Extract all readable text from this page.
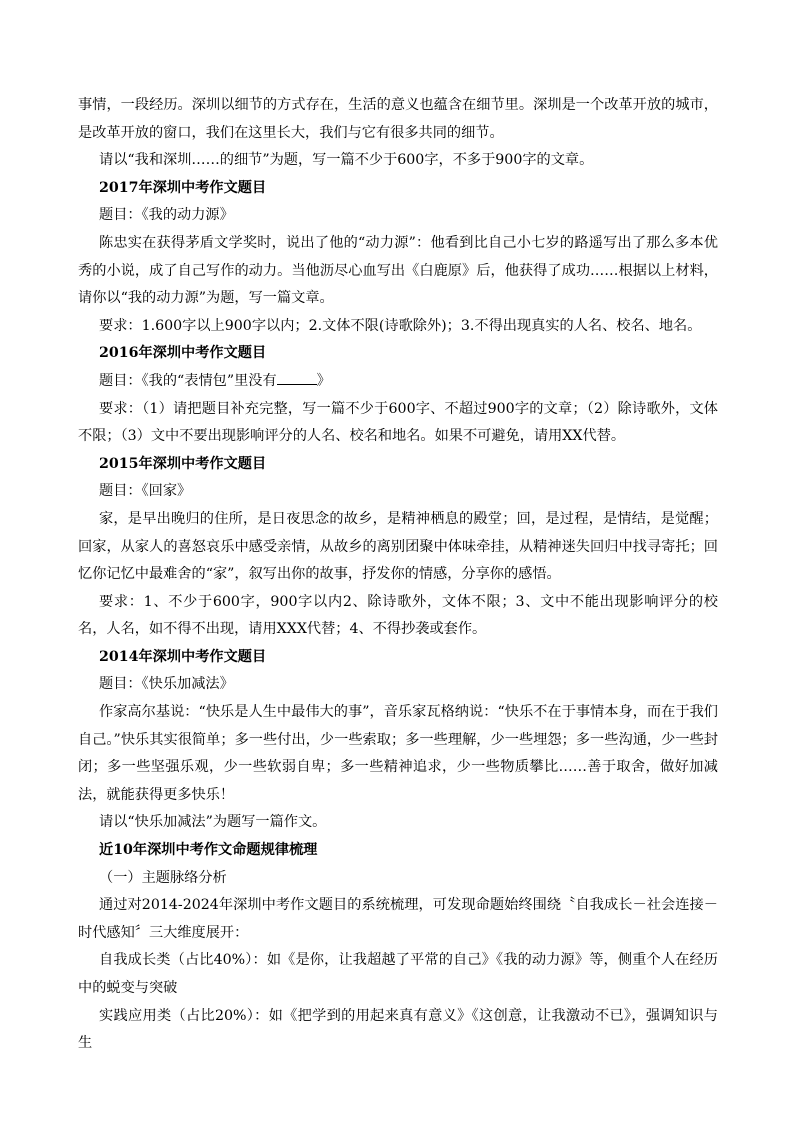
事情，一段经历。深圳以细节的方式存在，生活的意义也蕴含在细节里。深圳是一个改革开放的城市，是改革开放的窗口，我们在这里长大，我们与它有很多共同的细节。

请以“我和深圳……的细节”为题，写一篇不少于600字，不多于900字的文章。

2017年深圳中考作文题目

题目：《我的动力源》

陈忠实在获得茅盾文学奖时，说出了他的“动力源”：他看到比自己小七岁的路遥写出了那么多本优秀的小说，成了自己写作的动力。当他沥尽心血写出《白鹿原》后，他获得了成功……根据以上材料，请你以“我的动力源”为题，写一篇文章。

要求：1.600字以上900字以内；2.文体不限(诗歌除外)；3.不得出现真实的人名、校名、地名。

2016年深圳中考作文题目

题目：《我的“表情包”里没有	》

要求：（1）请把题目补充完整，写一篇不少于600字、不超过900字的文章；（2）除诗歌外，文体不限；（3）文中不要出现影响评分的人名、校名和地名。如果不可避免，请用XX代替。

2015年深圳中考作文题目

题目：《回家》

家，是早出晚归的住所，是日夜思念的故乡，是精神栖息的殿堂；回，是过程，是情结，是觉醒；回家，从家人的喜怒哀乐中感受亲情，从故乡的离别团聚中体味牵挂，从精神迷失回归中找寻寄托；回忆你记忆中最难舍的“家”，叙写出你的故事，抒发你的情感，分享你的感悟。

要求：1、不少于600字，900字以内2、除诗歌外，文体不限；3、文中不能出现影响评分的校名，人名，如不得不出现，请用XXX代替；4、不得抄袭或套作。

2014年深圳中考作文题目

题目：《快乐加减法》

作家高尔基说：“快乐是人生中最伟大的事”，音乐家瓦格纳说：“快乐不在于事情本身，而在于我们自己。”快乐其实很简单；多一些付出，少一些索取；多一些理解，少一些埋怨；多一些沟通，少一些封闭；多一些坚强乐观，少一些软弱自卑；多一些精神追求，少一些物质攀比……善于取舍，做好加减法，就能获得更多快乐！

请以“快乐加减法”为题写一篇作文。

近10年深圳中考作文命题规律梳理

（一）主题脉络分析

通过对2014-2024年深圳中考作文题目的系统梳理，可发现命题始终围绕〝自我成长－社会连接－时代感知〞三大维度展开：

自我成长类（占比40%）：如《是你，让我超越了平常的自己》《我的动力源》等，侧重个人在经历中的蜕变与突破

实践应用类（占比20%）：如《把学到的用起来真有意义》《这创意，让我激动不已》，强调知识与生
